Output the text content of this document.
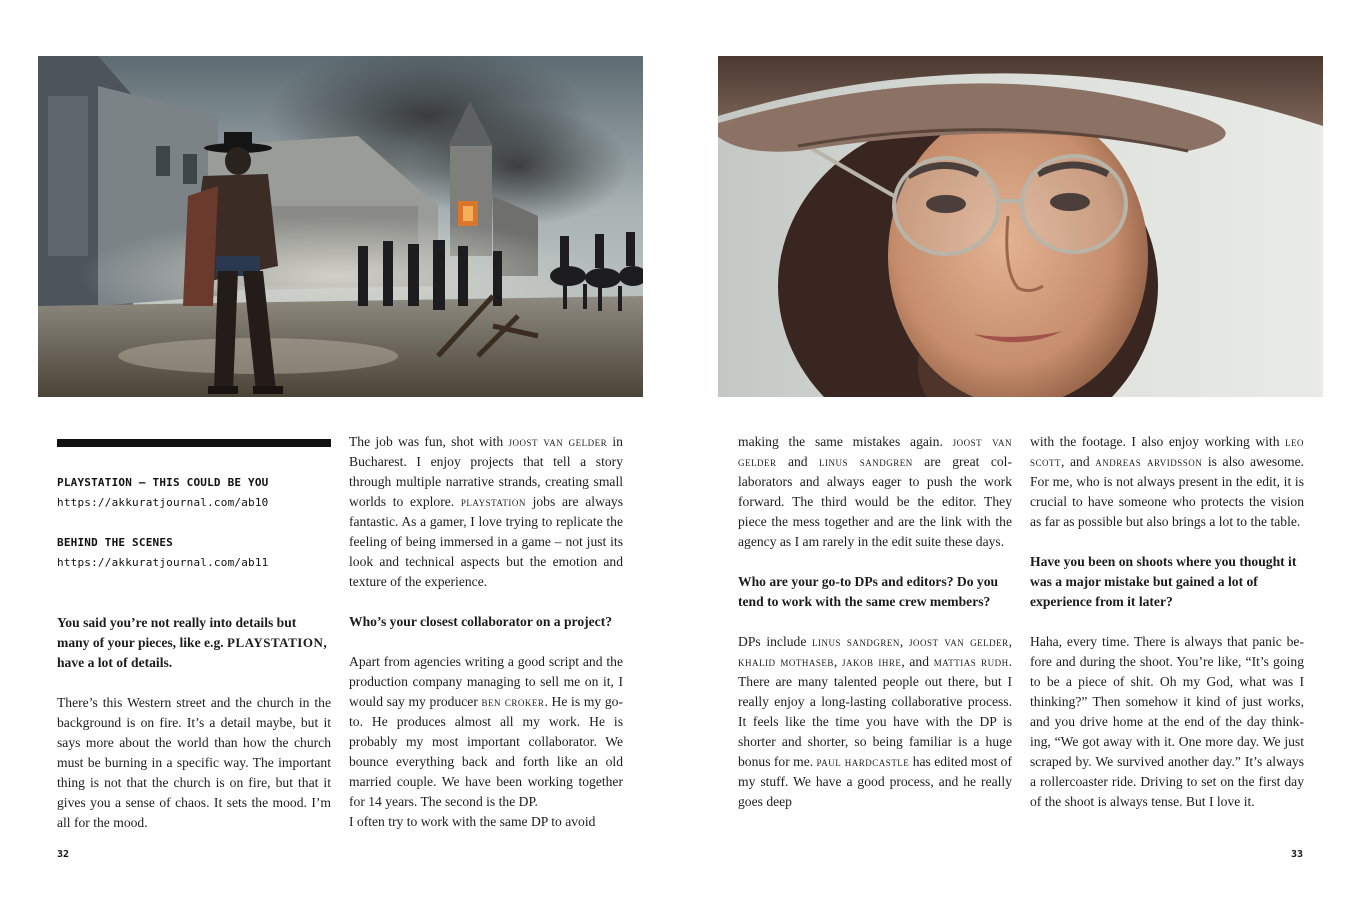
PLAYSTATION – THIS COULD BE YOU
https://akkuratjournal.com/ab10
BEHIND THE SCENES
https://akkuratjournal.com/ab11

You said you’re not really into details but many of your pieces, like e.g. PLAYSTATION, have a lot of details.

There’s this Western street and the church in the background is on fire. It’s a detail maybe, but it says more about the world than how the church must be burning in a specific way. The important thing is not that the church is on fire, but that it gives you a sense of chaos. It sets the mood. I’m all for the mood.

The job was fun, shot with joost van gelder in Bucharest. I enjoy projects that tell a story through multiple narrative strands, creating small worlds to explore. playstation jobs are always fantastic. As a gamer, I love trying to replicate the feeling of being immersed in a game – not just its look and technical aspects but the emotion and texture of the experience.

Who’s your closest collaborator on a project?

Apart from agencies writing a good script and the production company managing to sell me on it, I would say my producer ben croker. He is my go-to. He produces almost all my work. He is probably my most important collaborator. We bounce everything back and forth like an old married couple. We have been working together for 14 years. The second is the DP.

I often try to work with the same DP to avoid

making the same mistakes again. joost van gelder and linus sandgren are great collaborators and always eager to push the work forward. The third would be the editor. They piece the mess together and are the link with the agency as I am rarely in the edit suite these days.

Who are your go-to DPs and editors? Do you tend to work with the same crew members?

DPs include linus sandgren, joost van gelder, khalid mothaseb, jakob ihre, and mattias rudh. There are many talented people out there, but I really enjoy a long-lasting collaborative process. It feels like the time you have with the DP is shorter and shorter, so being familiar is a huge bonus for me. paul hardcastle has edited most of my stuff. We have a good process, and he really goes deep

with the footage. I also enjoy working with leo scott, and andreas arvidsson is also awesome. For me, who is not always present in the edit, it is crucial to have someone who protects the vision as far as possible but also brings a lot to the table.

Have you been on shoots where you thought it was a major mistake but gained a lot of experience from it later?

Haha, every time. There is always that panic before and during the shoot. You’re like, “It’s going to be a piece of shit. Oh my God, what was I thinking?” Then somehow it kind of just works, and you drive home at the end of the day thinking, “We got away with it. One more day. We just scraped by. We survived another day.” It’s always a rollercoaster ride. Driving to set on the first day of the shoot is always tense. But I love it.

32	33
